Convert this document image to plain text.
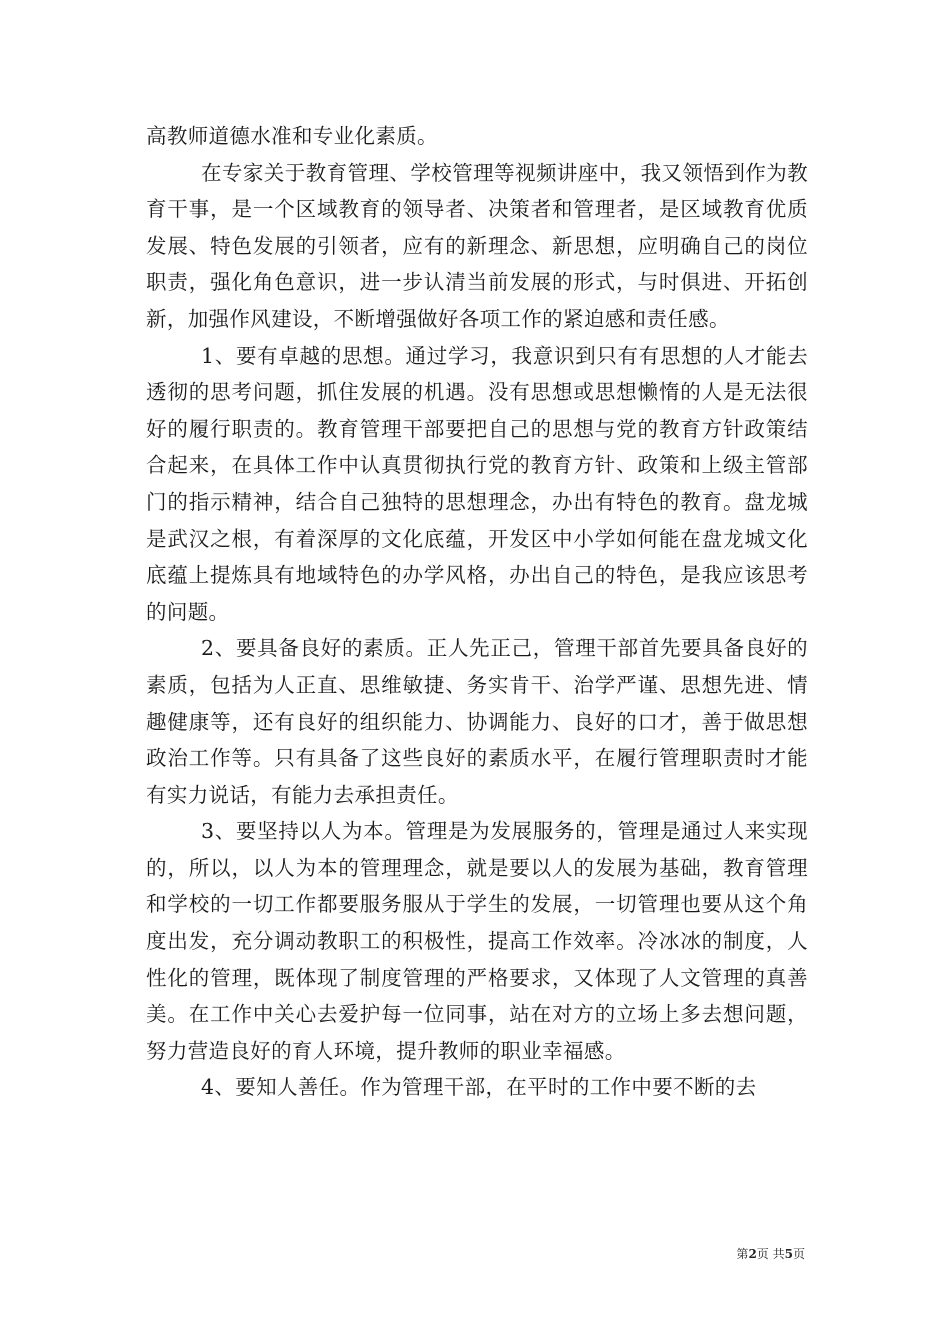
高教师道德水准和专业化素质。

在专家关于教育管理、学校管理等视频讲座中，我又领悟到作为教育干事，是一个区域教育的领导者、决策者和管理者，是区域教育优质发展、特色发展的引领者，应有的新理念、新思想，应明确自己的岗位职责，强化角色意识，进一步认清当前发展的形式，与时俱进、开拓创新，加强作风建设，不断增强做好各项工作的紧迫感和责任感。

1、要有卓越的思想。通过学习，我意识到只有有思想的人才能去透彻的思考问题，抓住发展的机遇。没有思想或思想懒惰的人是无法很好的履行职责的。教育管理干部要把自己的思想与党的教育方针政策结合起来，在具体工作中认真贯彻执行党的教育方针、政策和上级主管部门的指示精神，结合自己独特的思想理念，办出有特色的教育。盘龙城是武汉之根，有着深厚的文化底蕴，开发区中小学如何能在盘龙城文化底蕴上提炼具有地域特色的办学风格，办出自己的特色，是我应该思考的问题。

2、要具备良好的素质。正人先正己，管理干部首先要具备良好的素质，包括为人正直、思维敏捷、务实肯干、治学严谨、思想先进、情趣健康等，还有良好的组织能力、协调能力、良好的口才，善于做思想政治工作等。只有具备了这些良好的素质水平，在履行管理职责时才能有实力说话，有能力去承担责任。

3、要坚持以人为本。管理是为发展服务的，管理是通过人来实现的，所以，以人为本的管理理念，就是要以人的发展为基础，教育管理和学校的一切工作都要服务服从于学生的发展，一切管理也要从这个角度出发，充分调动教职工的积极性，提高工作效率。冷冰冰的制度，人性化的管理，既体现了制度管理的严格要求，又体现了人文管理的真善美。在工作中关心去爱护每一位同事，站在对方的立场上多去想问题，努力营造良好的育人环境，提升教师的职业幸福感。

4、要知人善任。作为管理干部，在平时的工作中要不断的去

第2页 共5页
